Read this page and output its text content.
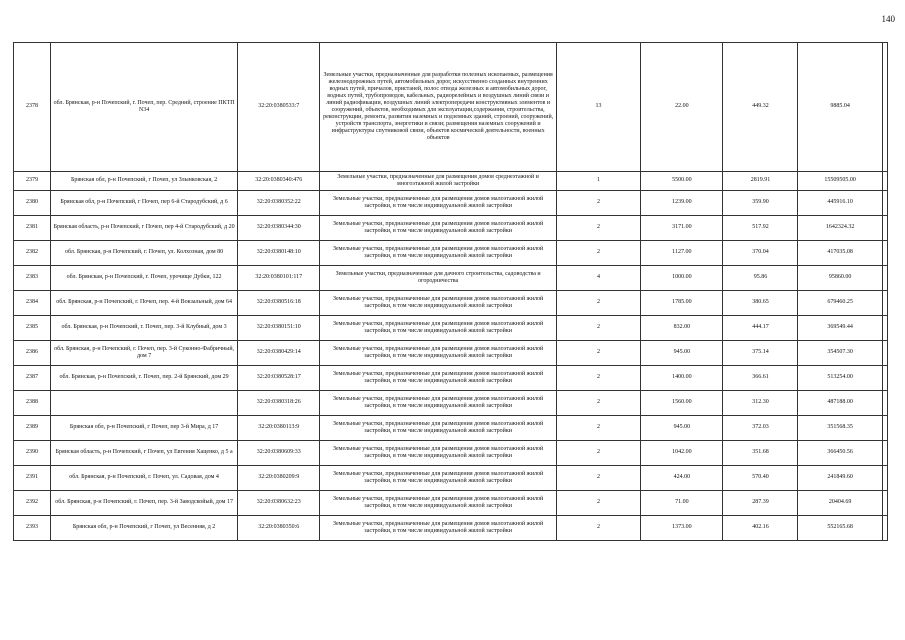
140
2378	обл. Брянская, р-н Почепский, г. Почеп, пер. Средний, строение ПКТП N34	32:20:0380533:7	Земельные участки, предназначенные для разработки полезных ископаемых, размещения железнодорожных путей, автомобильных дорог, искусственно созданных внутренних водных путей, причалов, пристаней, полос отвода железных и автомобильных дорог, водных путей, трубопроводов, кабельных, радиорелейных и воздушных линий связи и линий радиофикации, воздушных линий электропередачи конструктивных элементов и сооружений, объектов, необходимых для эксплуатации,содержания, строительства, реконструкции, ремонта, развития наземных и подземных зданий, строений, сооружений, устройств транспорта, энергетики и связи; размещения наземных сооружений и инфраструктуры спутниковой связи, объектов космической деятельности, военных объектов	13	22.00	449.32	9885.04	
2379	Брянская обл, р-н Почепский, г Почеп, ул Злынковская, 2	32:20:0380340:476	Земельные участки, предназначенные для размещения домов среднеэтажной и многоэтажной жилой застройки	1	5500.00	2819.91	15509505.00	
2380	Брянская обл, р-н Почепский, г Почеп, пер 6-й Стародубский, д 6	32:20:0380352:22	Земельные участки, предназначенные для размещения домов малоэтажной жилой застройки, в том числе индивидуальной жилой застройки	2	1239.00	359.90	445916.10	
2381	Брянская область, р-н Почепский, г Почеп, пер 4-й Стародубский, д 20	32:20:0380344:30	Земельные участки, предназначенные для размещения домов малоэтажной жилой застройки, в том числе индивидуальной жилой застройки	2	3171.00	517.92	1642324.32	
2382	обл. Брянская, р-н Почепский, г. Почеп, ул. Колхозная, дом 80	32:20:0380148:10	Земельные участки, предназначенные для размещения домов малоэтажной жилой застройки, в том числе индивидуальной жилой застройки	2	1127.00	370.04	417035.08	
2383	обл. Брянская, р-н Почепский, г. Почеп, урочище Дубки, 122	32:20:0380101:117	Земельные участки, предназначенные для дачного строительства, садоводства и огородничества	4	1000.00	95.86	95860.00	
2384	обл. Брянская, р-н Почепский, г. Почеп, пер. 4-й Вокзальный, дом 64	32:20:0380516:18	Земельные участки, предназначенные для размещения домов малоэтажной жилой застройки, в том числе индивидуальной жилой застройки	2	1785.00	380.65	679460.25	
2385	обл. Брянская, р-н Почепский, г. Почеп, пер. 3-й Клубный, дом 3	32:20:0380151:10	Земельные участки, предназначенные для размещения домов малоэтажной жилой застройки, в том числе индивидуальной жилой застройки	2	832.00	444.17	369549.44	
2386	обл. Брянская, р-н Почепский, г. Почеп, пер. 3-й Суконно-Фабричный, дом 7	32:20:0380429:14	Земельные участки, предназначенные для размещения домов малоэтажной жилой застройки, в том числе индивидуальной жилой застройки	2	945.00	375.14	354507.30	
2387	обл. Брянская, р-н Почепский, г. Почеп, пер. 2-й Брянский, дом 29	32:20:0380528:17	Земельные участки, предназначенные для размещения домов малоэтажной жилой застройки, в том числе индивидуальной жилой застройки	2	1400.00	366.61	513254.00	
2388		32:20:0380318:26	Земельные участки, предназначенные для размещения домов малоэтажной жилой застройки, в том числе индивидуальной жилой застройки	2	1560.00	312.30	487188.00	
2389	Брянская обл, р-н Почепский, г Почеп, пер 3-й Мира, д 17	32:20:0380113:9	Земельные участки, предназначенные для размещения домов малоэтажной жилой застройки, в том числе индивидуальной жилой застройки	2	945.00	372.03	351568.35	
2390	Брянская область, р-н Почепский, г Почеп, ул Евгения Хаценко, д 5 а	32:20:0380609:33	Земельные участки, предназначенные для размещения домов малоэтажной жилой застройки, в том числе индивидуальной жилой застройки	2	1042.00	351.68	366450.56	
2391	обл. Брянская, р-н Почепский, г. Почеп, ул. Садовая, дом 4	32:20:0380209:9	Земельные участки, предназначенные для размещения домов малоэтажной жилой застройки, в том числе индивидуальной жилой застройки	2	424.00	570.40	241849.60	
2392	обл. Брянская, р-н Почепский, г. Почеп, пер. 3-й Заводскойый, дом 17	32:20:0380632:23	Земельные участки, предназначенные для размещения домов малоэтажной жилой застройки, в том числе индивидуальной жилой застройки	2	71.00	287.39	20404.69	
2393	Брянская обл, р-н Почепский, г Почеп, ул Весенняя, д 2	32:20:0380350:6	Земельные участки, предназначенные для размещения домов малоэтажной жилой застройки, в том числе индивидуальной жилой застройки	2	1373.00	402.16	552165.68	
